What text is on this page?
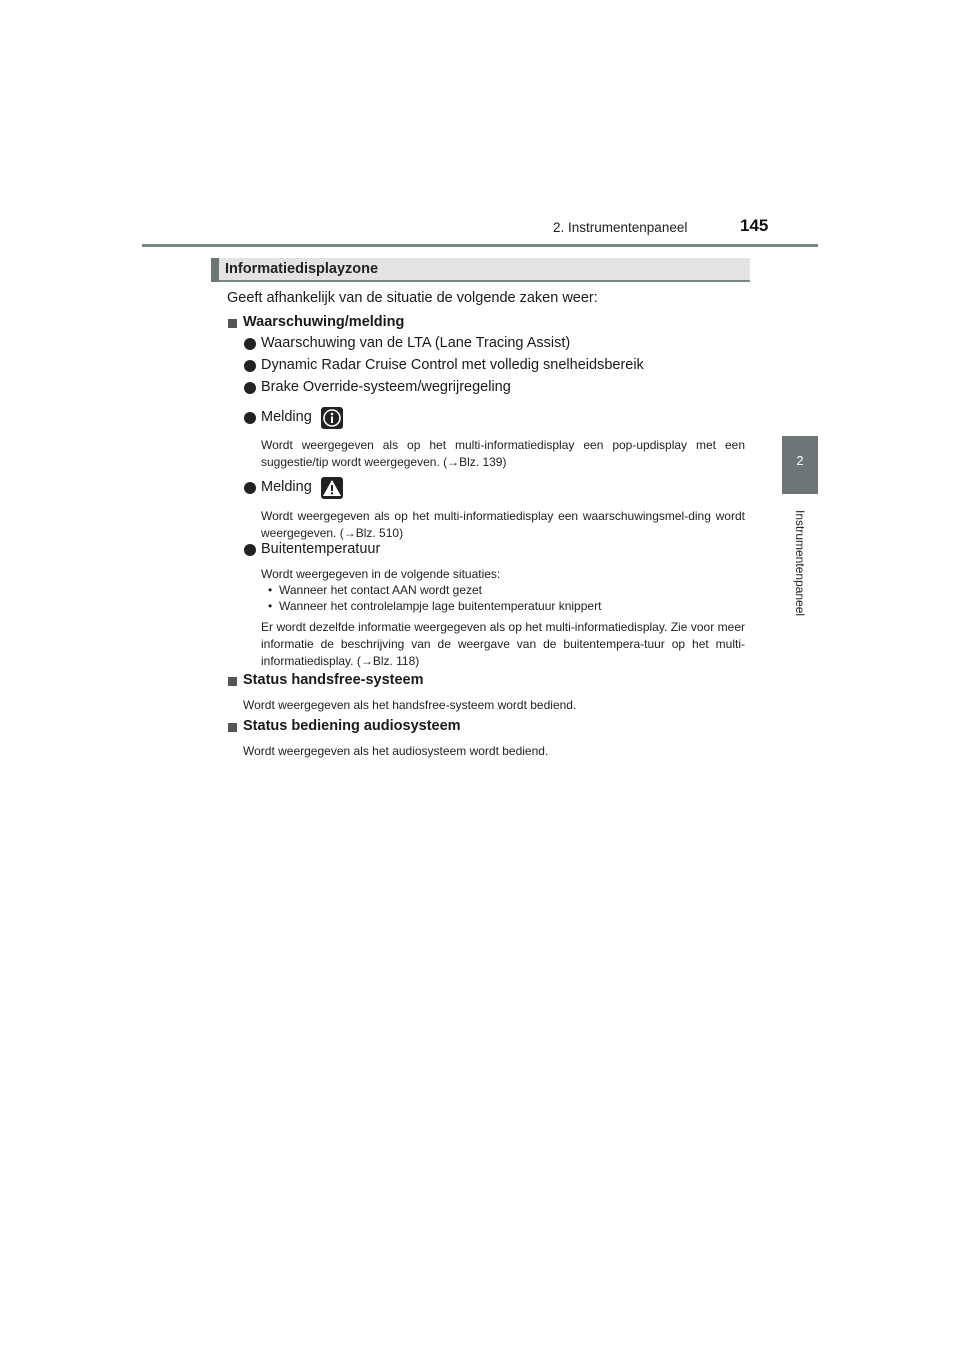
2. Instrumentenpaneel	145
2
Instrumentenpaneel
Informatiedisplayzone
Geeft afhankelijk van de situatie de volgende zaken weer:
Waarschuwing/melding
Waarschuwing van de LTA (Lane Tracing Assist)
Dynamic Radar Cruise Control met volledig snelheidsbereik
Brake Override-systeem/wegrijregeling
Melding
Wordt weergegeven als op het multi-informatiedisplay een pop-updisplay met een suggestie/tip wordt weergegeven. (→Blz. 139)
Melding
Wordt weergegeven als op het multi-informatiedisplay een waarschuwingsmel-ding wordt weergegeven. (→Blz. 510)
Buitentemperatuur
Wordt weergegeven in de volgende situaties:
• Wanneer het contact AAN wordt gezet
• Wanneer het controlelampje lage buitentemperatuur knippert
Er wordt dezelfde informatie weergegeven als op het multi-informatiedisplay. Zie voor meer informatie de beschrijving van de weergave van de buitentempera-tuur op het multi-informatiedisplay. (→Blz. 118)
Status handsfree-systeem
Wordt weergegeven als het handsfree-systeem wordt bediend.
Status bediening audiosysteem
Wordt weergegeven als het audiosysteem wordt bediend.
